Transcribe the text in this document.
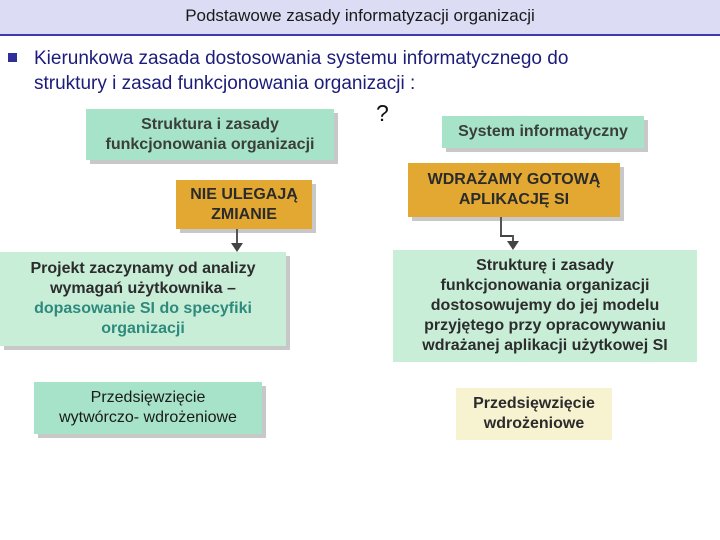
Podstawowe zasady informatyzacji organizacji
Kierunkowa zasada dostosowania systemu informatycznego do
struktury i zasad funkcjonowania organizacji :
?
Struktura i zasady
funkcjonowania organizacji
NIE ULEGAJĄ
ZMIANIE
Projekt zaczynamy od analizy
wymagań użytkownika –
dopasowanie SI do specyfiki
organizacji
Przedsięwzięcie
wytwórczo- wdrożeniowe
System informatyczny
WDRAŻAMY GOTOWĄ
APLIKACJĘ SI
Strukturę i zasady
funkcjonowania organizacji
dostosowujemy do jej modelu
przyjętego przy opracowywaniu
wdrażanej aplikacji użytkowej SI
Przedsięwzięcie
wdrożeniowe
